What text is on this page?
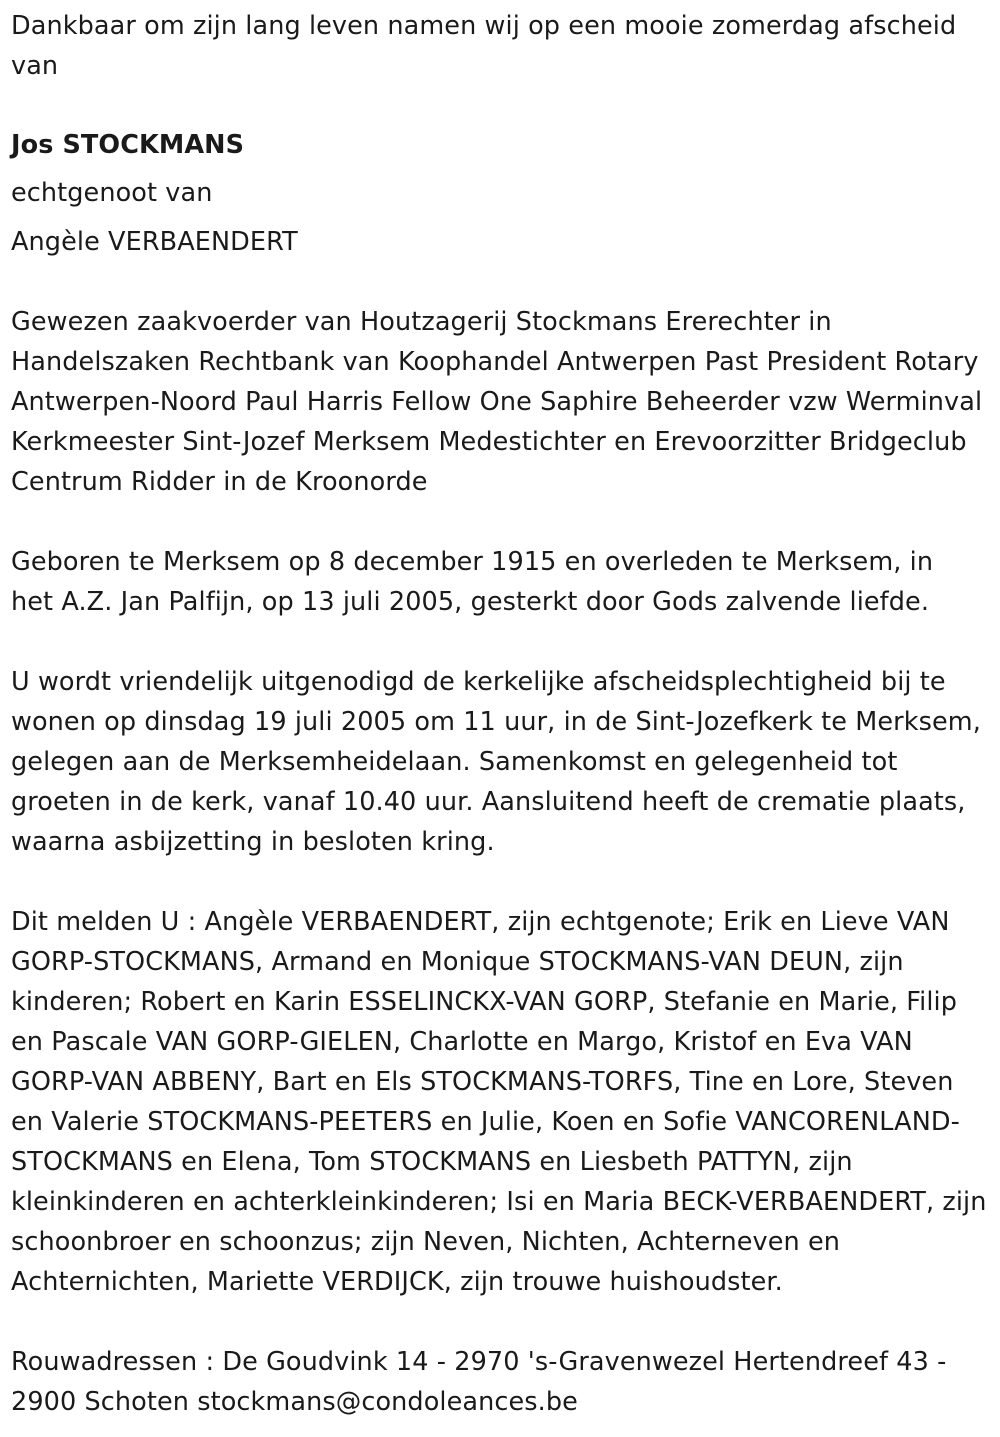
Dankbaar om zijn lang leven namen wij op een mooie zomerdag afscheid van

Jos STOCKMANS

echtgenoot van

Angèle VERBAENDERT

Gewezen zaakvoerder van Houtzagerij Stockmans Ererechter in Handelszaken Rechtbank van Koophandel Antwerpen Past President Rotary Antwerpen-Noord Paul Harris Fellow One Saphire Beheerder vzw Werminval Kerkmeester Sint-Jozef Merksem Medestichter en Erevoorzitter Bridgeclub Centrum Ridder in de Kroonorde

Geboren te Merksem op 8 december 1915 en overleden te Merksem, in het A.Z. Jan Palfijn, op 13 juli 2005, gesterkt door Gods zalvende liefde.

U wordt vriendelijk uitgenodigd de kerkelijke afscheidsplechtigheid bij te wonen op dinsdag 19 juli 2005 om 11 uur, in de Sint-Jozefkerk te Merksem, gelegen aan de Merksemheidelaan. Samenkomst en gelegenheid tot groeten in de kerk, vanaf 10.40 uur. Aansluitend heeft de crematie plaats, waarna asbijzetting in besloten kring.

Dit melden U : Angèle VERBAENDERT, zijn echtgenote; Erik en Lieve VAN GORP-STOCKMANS, Armand en Monique STOCKMANS-VAN DEUN, zijn kinderen; Robert en Karin ESSELINCKX-VAN GORP, Stefanie en Marie, Filip en Pascale VAN GORP-GIELEN, Charlotte en Margo, Kristof en Eva VAN GORP-VAN ABBENY, Bart en Els STOCKMANS-TORFS, Tine en Lore, Steven en Valerie STOCKMANS-PEETERS en Julie, Koen en Sofie VANCORENLAND-STOCKMANS en Elena, Tom STOCKMANS en Liesbeth PATTYN, zijn kleinkinderen en achterkleinkinderen; Isi en Maria BECK-VERBAENDERT, zijn schoonbroer en schoonzus; zijn Neven, Nichten, Achterneven en Achternichten, Mariette VERDIJCK, zijn trouwe huishoudster.

Rouwadressen : De Goudvink 14 - 2970 's-Gravenwezel Hertendreef 43 - 2900 Schoten stockmans@condoleances.be
